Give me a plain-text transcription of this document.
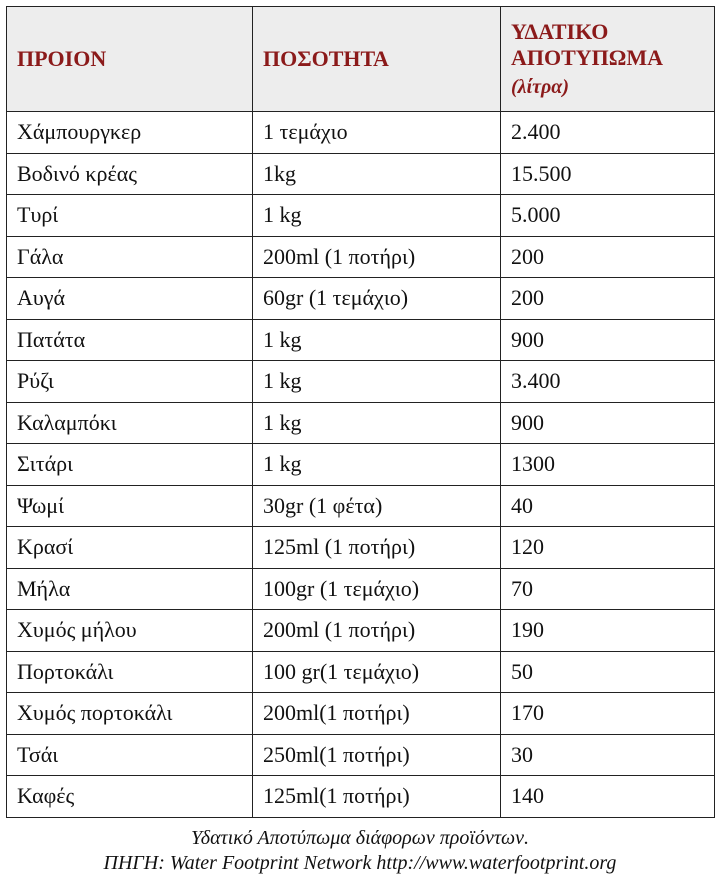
ΠΡΟΙΟΝ	ΠΟΣΟΤΗΤΑ	ΥΔΑΤΙΚΟ ΑΠΟΤΥΠΩΜΑ
(λίτρα)

Χάμπουργκερ	1 τεμάχιο	2.400
Βοδινό κρέας	1kg	15.500
Τυρί	1 kg	5.000
Γάλα	200ml (1 ποτήρι)	200
Αυγά	60gr (1 τεμάχιο)	200
Πατάτα	1 kg	900
Ρύζι	1 kg	3.400
Καλαμπόκι	1 kg	900
Σιτάρι	1 kg	1300
Ψωμί	30gr (1 φέτα)	40
Κρασί	125ml (1 ποτήρι)	120
Μήλα	100gr (1 τεμάχιο)	70
Χυμός μήλου	200ml (1 ποτήρι)	190
Πορτοκάλι	100 gr(1 τεμάχιο)	50
Χυμός πορτοκάλι	200ml(1 ποτήρι)	170
Τσάι	250ml(1 ποτήρι)	30
Καφές	125ml(1 ποτήρι)	140
Υδατικό Αποτύπωμα διάφορων προϊόντων.
ΠΗΓΗ: Water Footprint Network http://www.waterfootprint.org
